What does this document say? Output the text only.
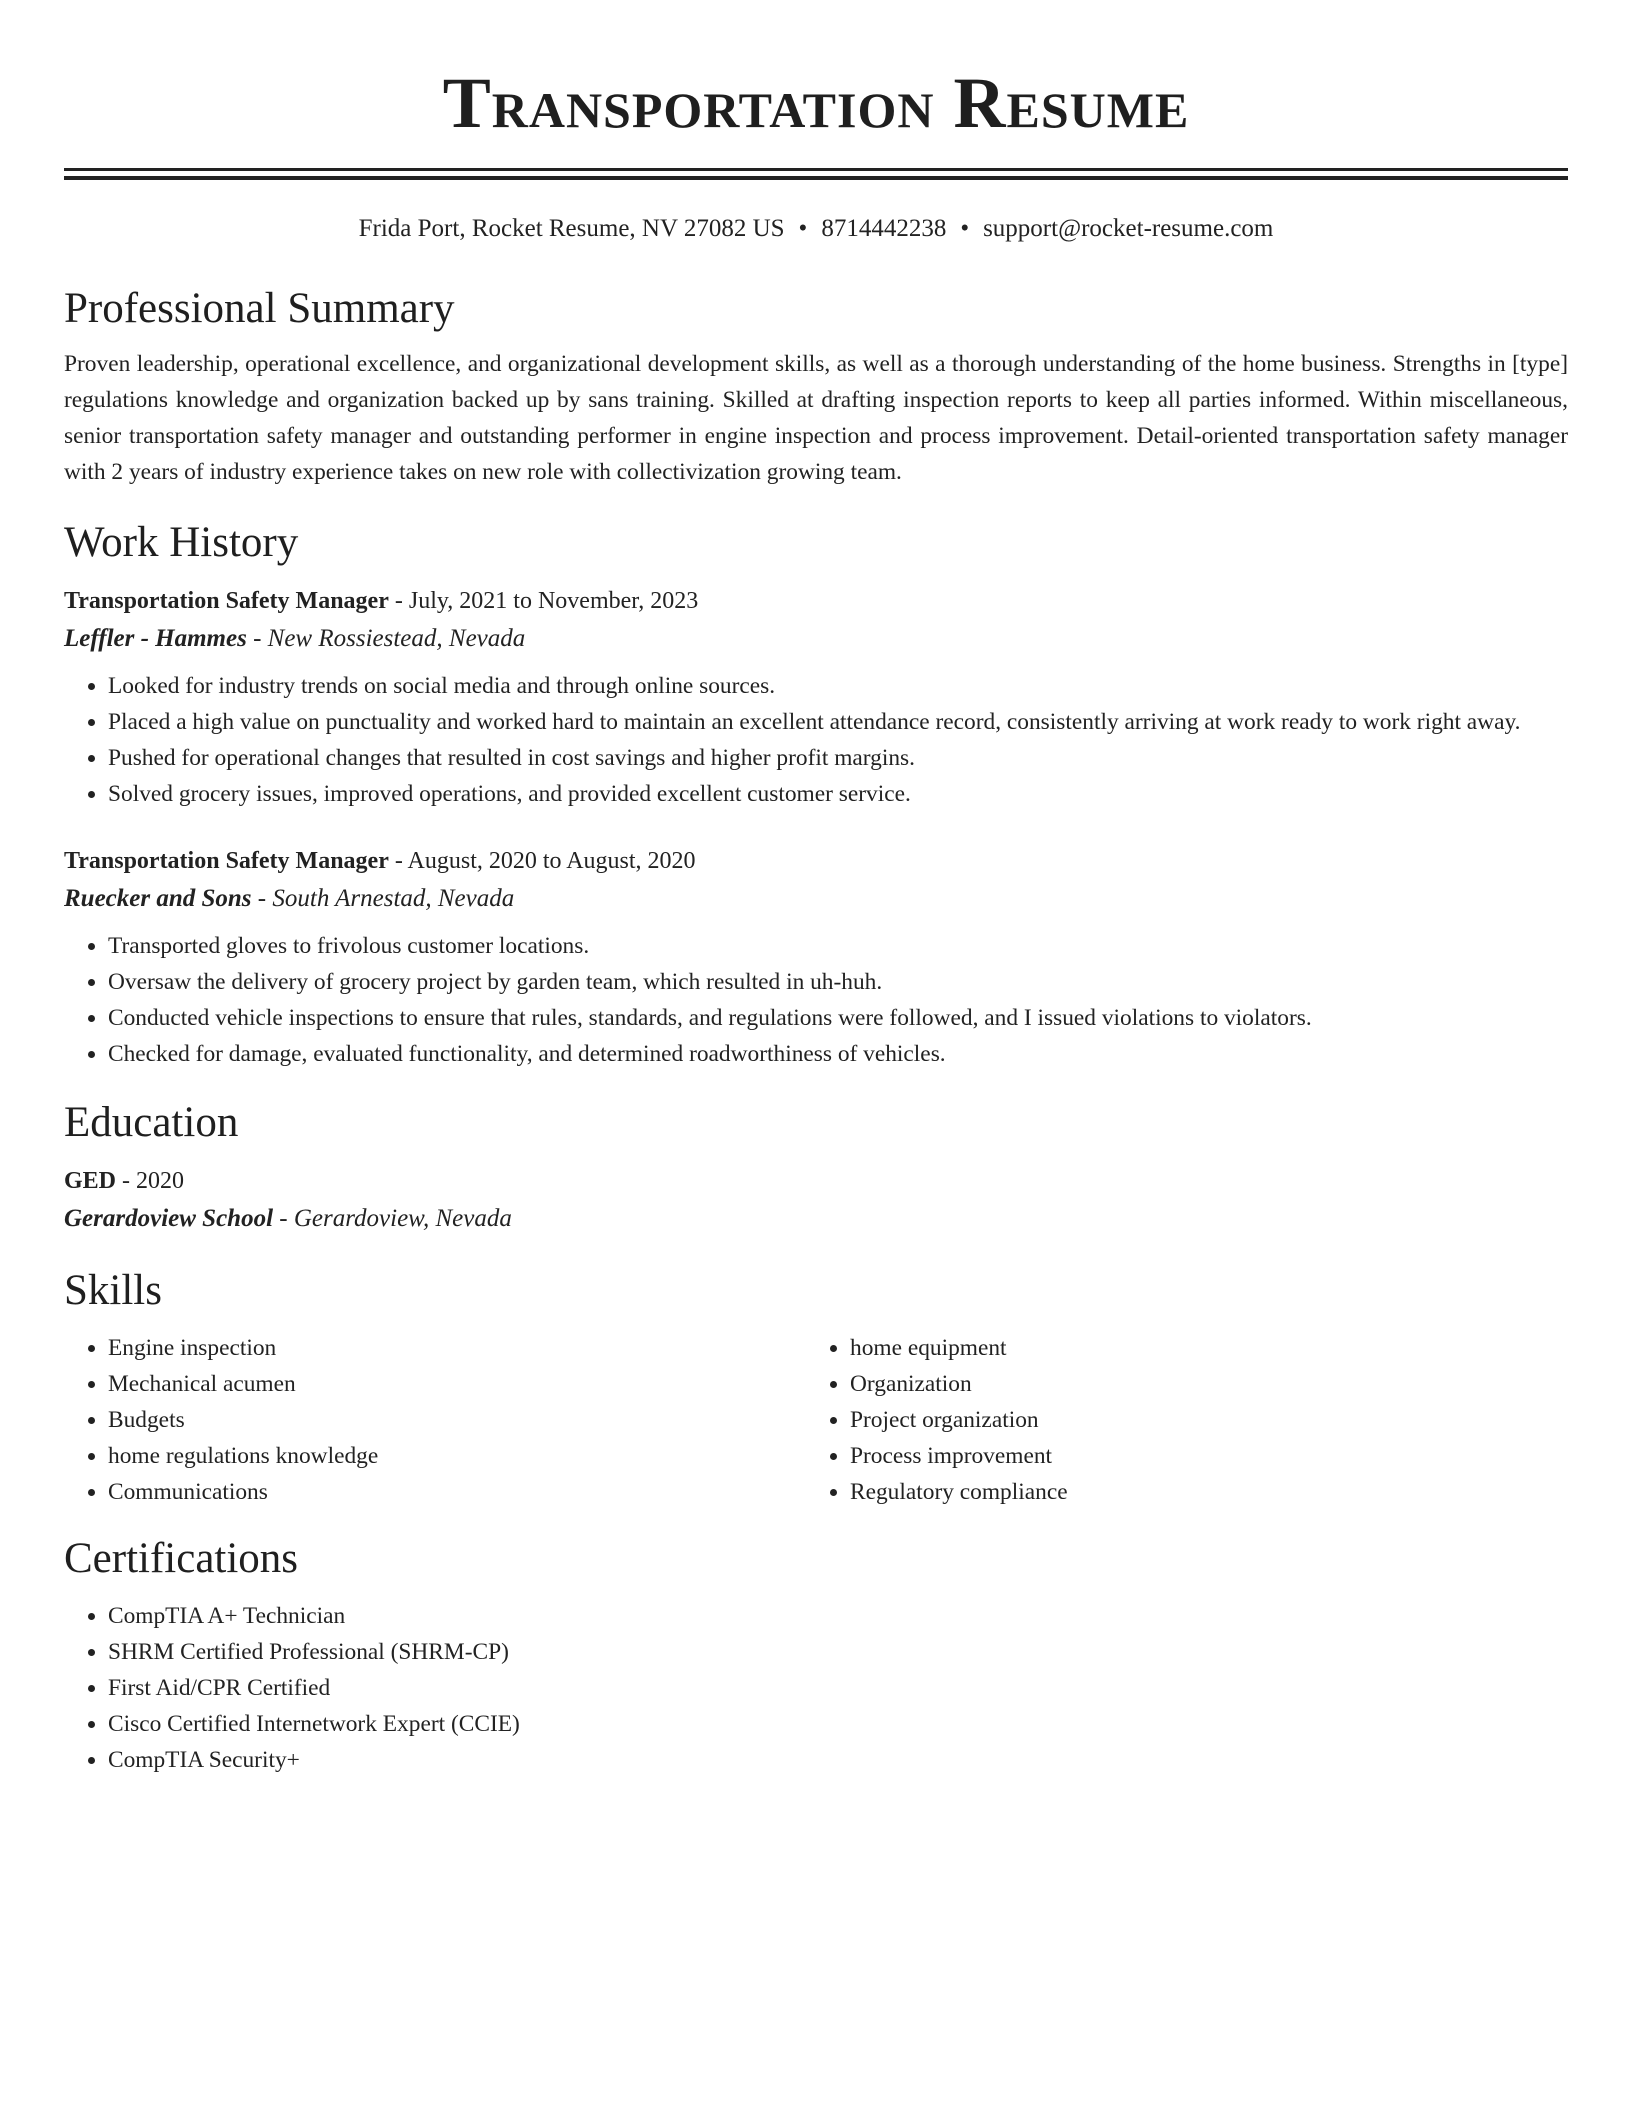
Transportation Resume
Frida Port, Rocket Resume, NV 27082 US • 8714442238 • support@rocket-resume.com
Professional Summary
Proven leadership, operational excellence, and organizational development skills, as well as a thorough understanding of the home business. Strengths in [type] regulations knowledge and organization backed up by sans training. Skilled at drafting inspection reports to keep all parties informed. Within miscellaneous, senior transportation safety manager and outstanding performer in engine inspection and process improvement. Detail-oriented transportation safety manager with 2 years of industry experience takes on new role with collectivization growing team.
Work History
Transportation Safety Manager - July, 2021 to November, 2023
Leffler - Hammes - New Rossiestead, Nevada
• Looked for industry trends on social media and through online sources.
• Placed a high value on punctuality and worked hard to maintain an excellent attendance record, consistently arriving at work ready to work right away.
• Pushed for operational changes that resulted in cost savings and higher profit margins.
• Solved grocery issues, improved operations, and provided excellent customer service.
Transportation Safety Manager - August, 2020 to August, 2020
Ruecker and Sons - South Arnestad, Nevada
• Transported gloves to frivolous customer locations.
• Oversaw the delivery of grocery project by garden team, which resulted in uh-huh.
• Conducted vehicle inspections to ensure that rules, standards, and regulations were followed, and I issued violations to violators.
• Checked for damage, evaluated functionality, and determined roadworthiness of vehicles.
Education
GED - 2020
Gerardoview School - Gerardoview, Nevada
Skills
• Engine inspection
• Mechanical acumen
• Budgets
• home regulations knowledge
• Communications
• home equipment
• Organization
• Project organization
• Process improvement
• Regulatory compliance
Certifications
• CompTIA A+ Technician
• SHRM Certified Professional (SHRM-CP)
• First Aid/CPR Certified
• Cisco Certified Internetwork Expert (CCIE)
• CompTIA Security+
